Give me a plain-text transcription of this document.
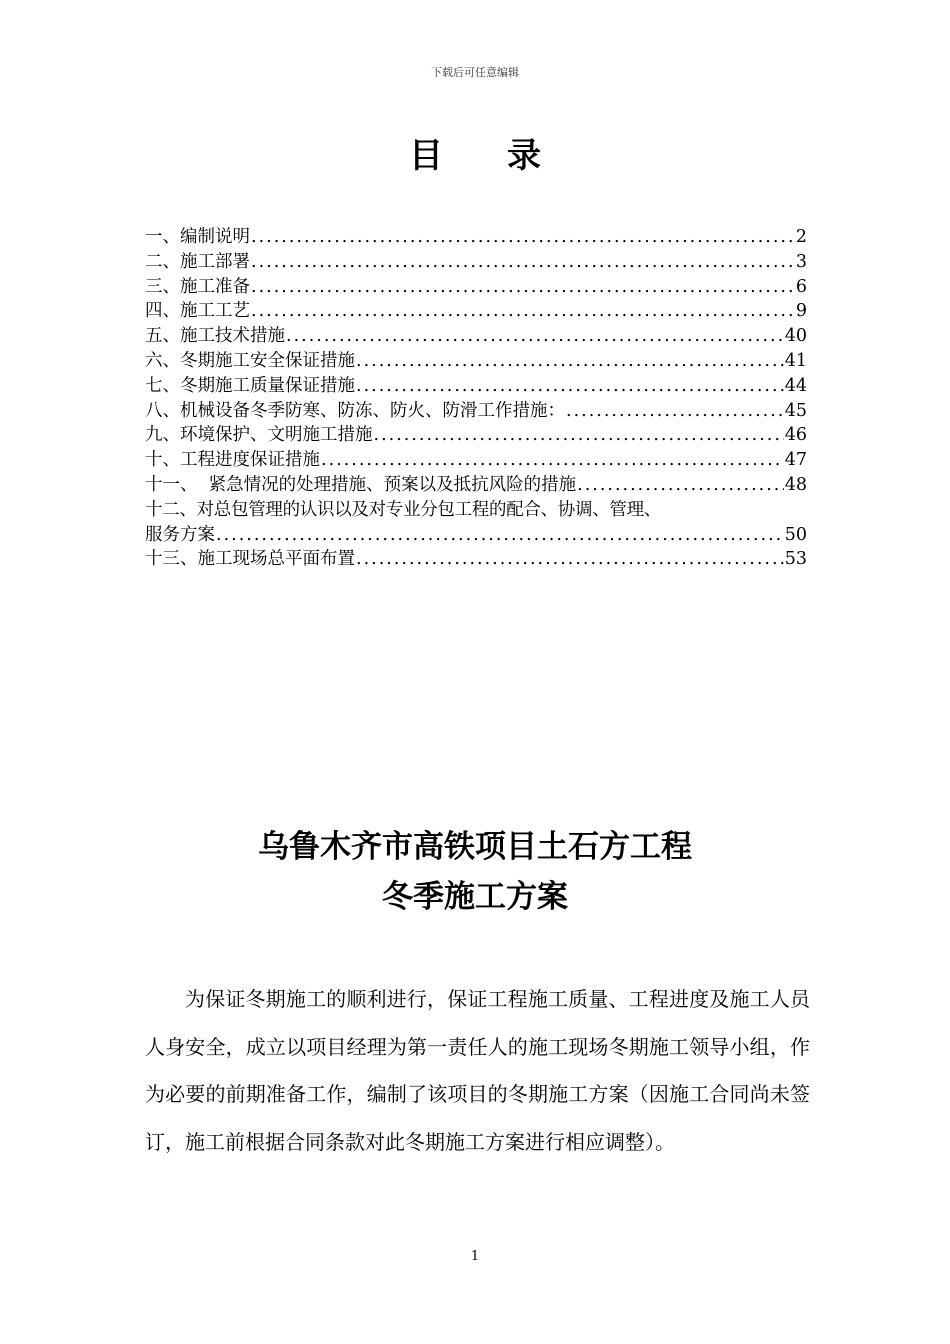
下载后可任意编辑
目录
一、编制说明 .....	2
二、施工部署 .....	3
三、施工准备 .....	6
四、施工工艺 .....	9
五、施工技术措施 .....	40
六、冬期施工安全保证措施 .....	41
七、冬期施工质量保证措施 .....	44
八、机械设备冬季防寒、防冻、防火、防滑工作措施： .....	45
九、环境保护、文明施工措施 .....	46
十、工程进度保证措施 .....	47
十一、  紧急情况的处理措施、预案以及抵抗风险的措施 .....	48
十二、对总包管理的认识以及对专业分包工程的配合、协调、管理、
服务方案 .....	50
十三、施工现场总平面布置 .....	53
乌鲁木齐市高铁项目土石方工程
冬季施工方案
为保证冬期施工的顺利进行，保证工程施工质量、工程进度及施工人员人身安全，成立以项目经理为第一责任人的施工现场冬期施工领导小组，作为必要的前期准备工作，编制了该项目的冬期施工方案（因施工合同尚未签订，施工前根据合同条款对此冬期施工方案进行相应调整）。
1
